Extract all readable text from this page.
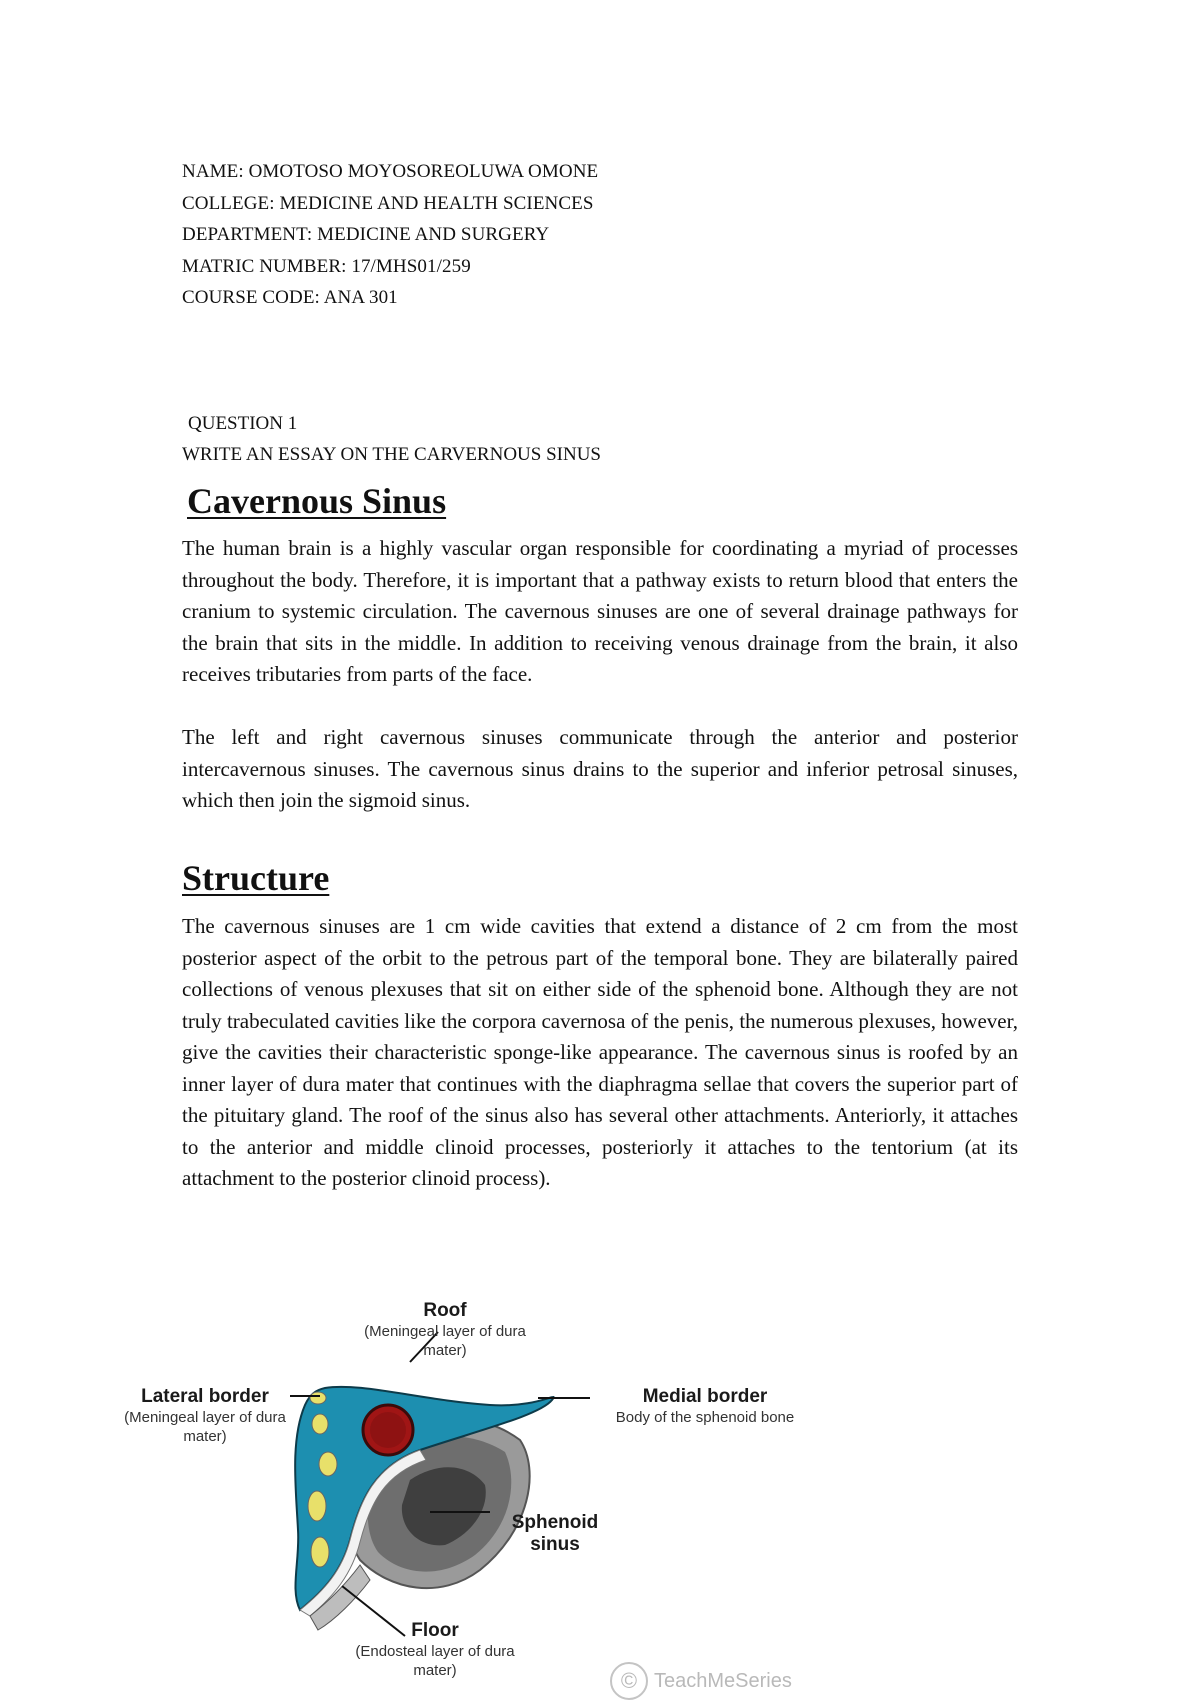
NAME: OMOTOSO MOYOSOREOLUWA OMONE
COLLEGE: MEDICINE AND HEALTH SCIENCES
DEPARTMENT: MEDICINE AND SURGERY
MATRIC NUMBER: 17/MHS01/259
COURSE CODE: ANA 301
QUESTION 1
WRITE AN ESSAY ON THE CARVERNOUS SINUS
Cavernous Sinus
The human brain is a highly vascular organ responsible for coordinating a myriad of processes throughout the body. Therefore, it is important that a pathway exists to return blood that enters the cranium to systemic circulation. The cavernous sinuses are one of several drainage pathways for the brain that sits in the middle. In addition to receiving venous drainage from the brain, it also receives tributaries from parts of the face.
The left and right cavernous sinuses communicate through the anterior and posterior intercavernous sinuses. The cavernous sinus drains to the superior and inferior petrosal sinuses, which then join the sigmoid sinus.
Structure
The cavernous sinuses are 1 cm wide cavities that extend a distance of 2 cm from the most posterior aspect of the orbit to the petrous part of the temporal bone. They are bilaterally paired collections of venous plexuses that sit on either side of the sphenoid bone. Although they are not truly trabeculated cavities like the corpora cavernosa of the penis, the numerous plexuses, however, give the cavities their characteristic sponge-like appearance. The cavernous sinus is roofed by an inner layer of dura mater that continues with the diaphragma sellae that covers the superior part of the pituitary gland. The roof of the sinus also has several other attachments. Anteriorly, it attaches to the anterior and middle clinoid processes, posteriorly it attaches to the tentorium (at its attachment to the posterior clinoid process).
Roof
(Meningeal layer of dura mater)
Lateral border
(Meningeal layer of dura mater)
Medial border
Body of the sphenoid bone
Sphenoid sinus
Floor
(Endosteal layer of dura mater)	© TeachMeSeries
